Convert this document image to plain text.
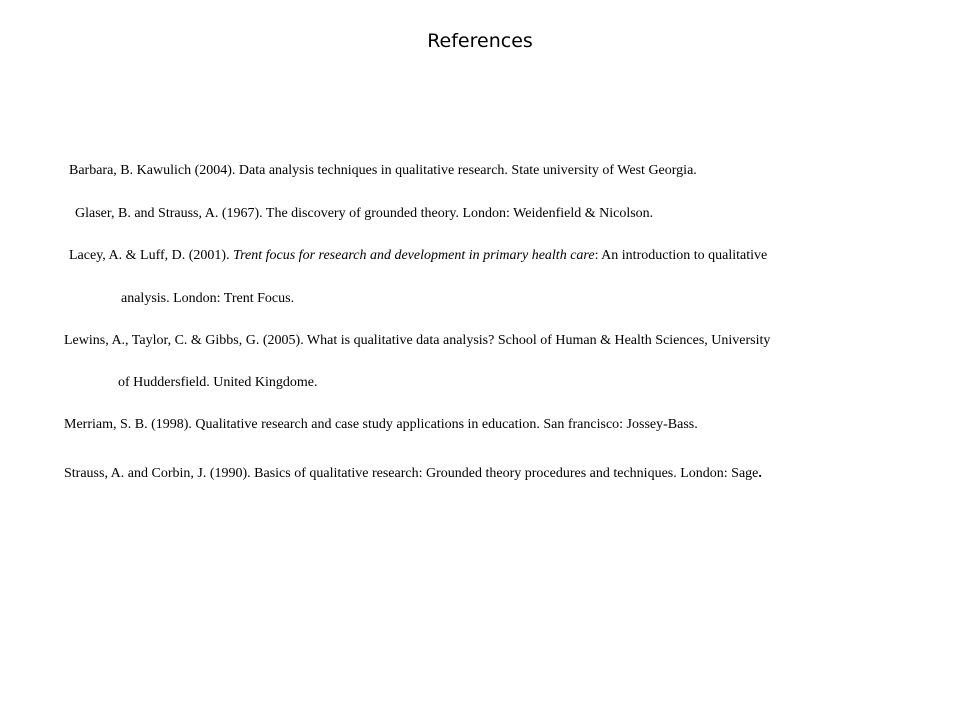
References
Barbara, B. Kawulich (2004). Data analysis techniques in qualitative research. State university of West Georgia.
Glaser, B. and Strauss, A. (1967). The discovery of grounded theory. London: Weidenfield & Nicolson.
Lacey, A. & Luff, D. (2001). Trent focus for research and development in primary health care: An introduction to qualitative
analysis. London: Trent Focus.
Lewins, A., Taylor, C. & Gibbs, G. (2005). What is qualitative data analysis? School of Human & Health Sciences, University
of Huddersfield. United Kingdome.
Merriam, S. B. (1998). Qualitative research and case study applications in education. San francisco: Jossey-Bass.
Strauss, A. and Corbin, J. (1990). Basics of qualitative research: Grounded theory procedures and techniques. London: Sage.
